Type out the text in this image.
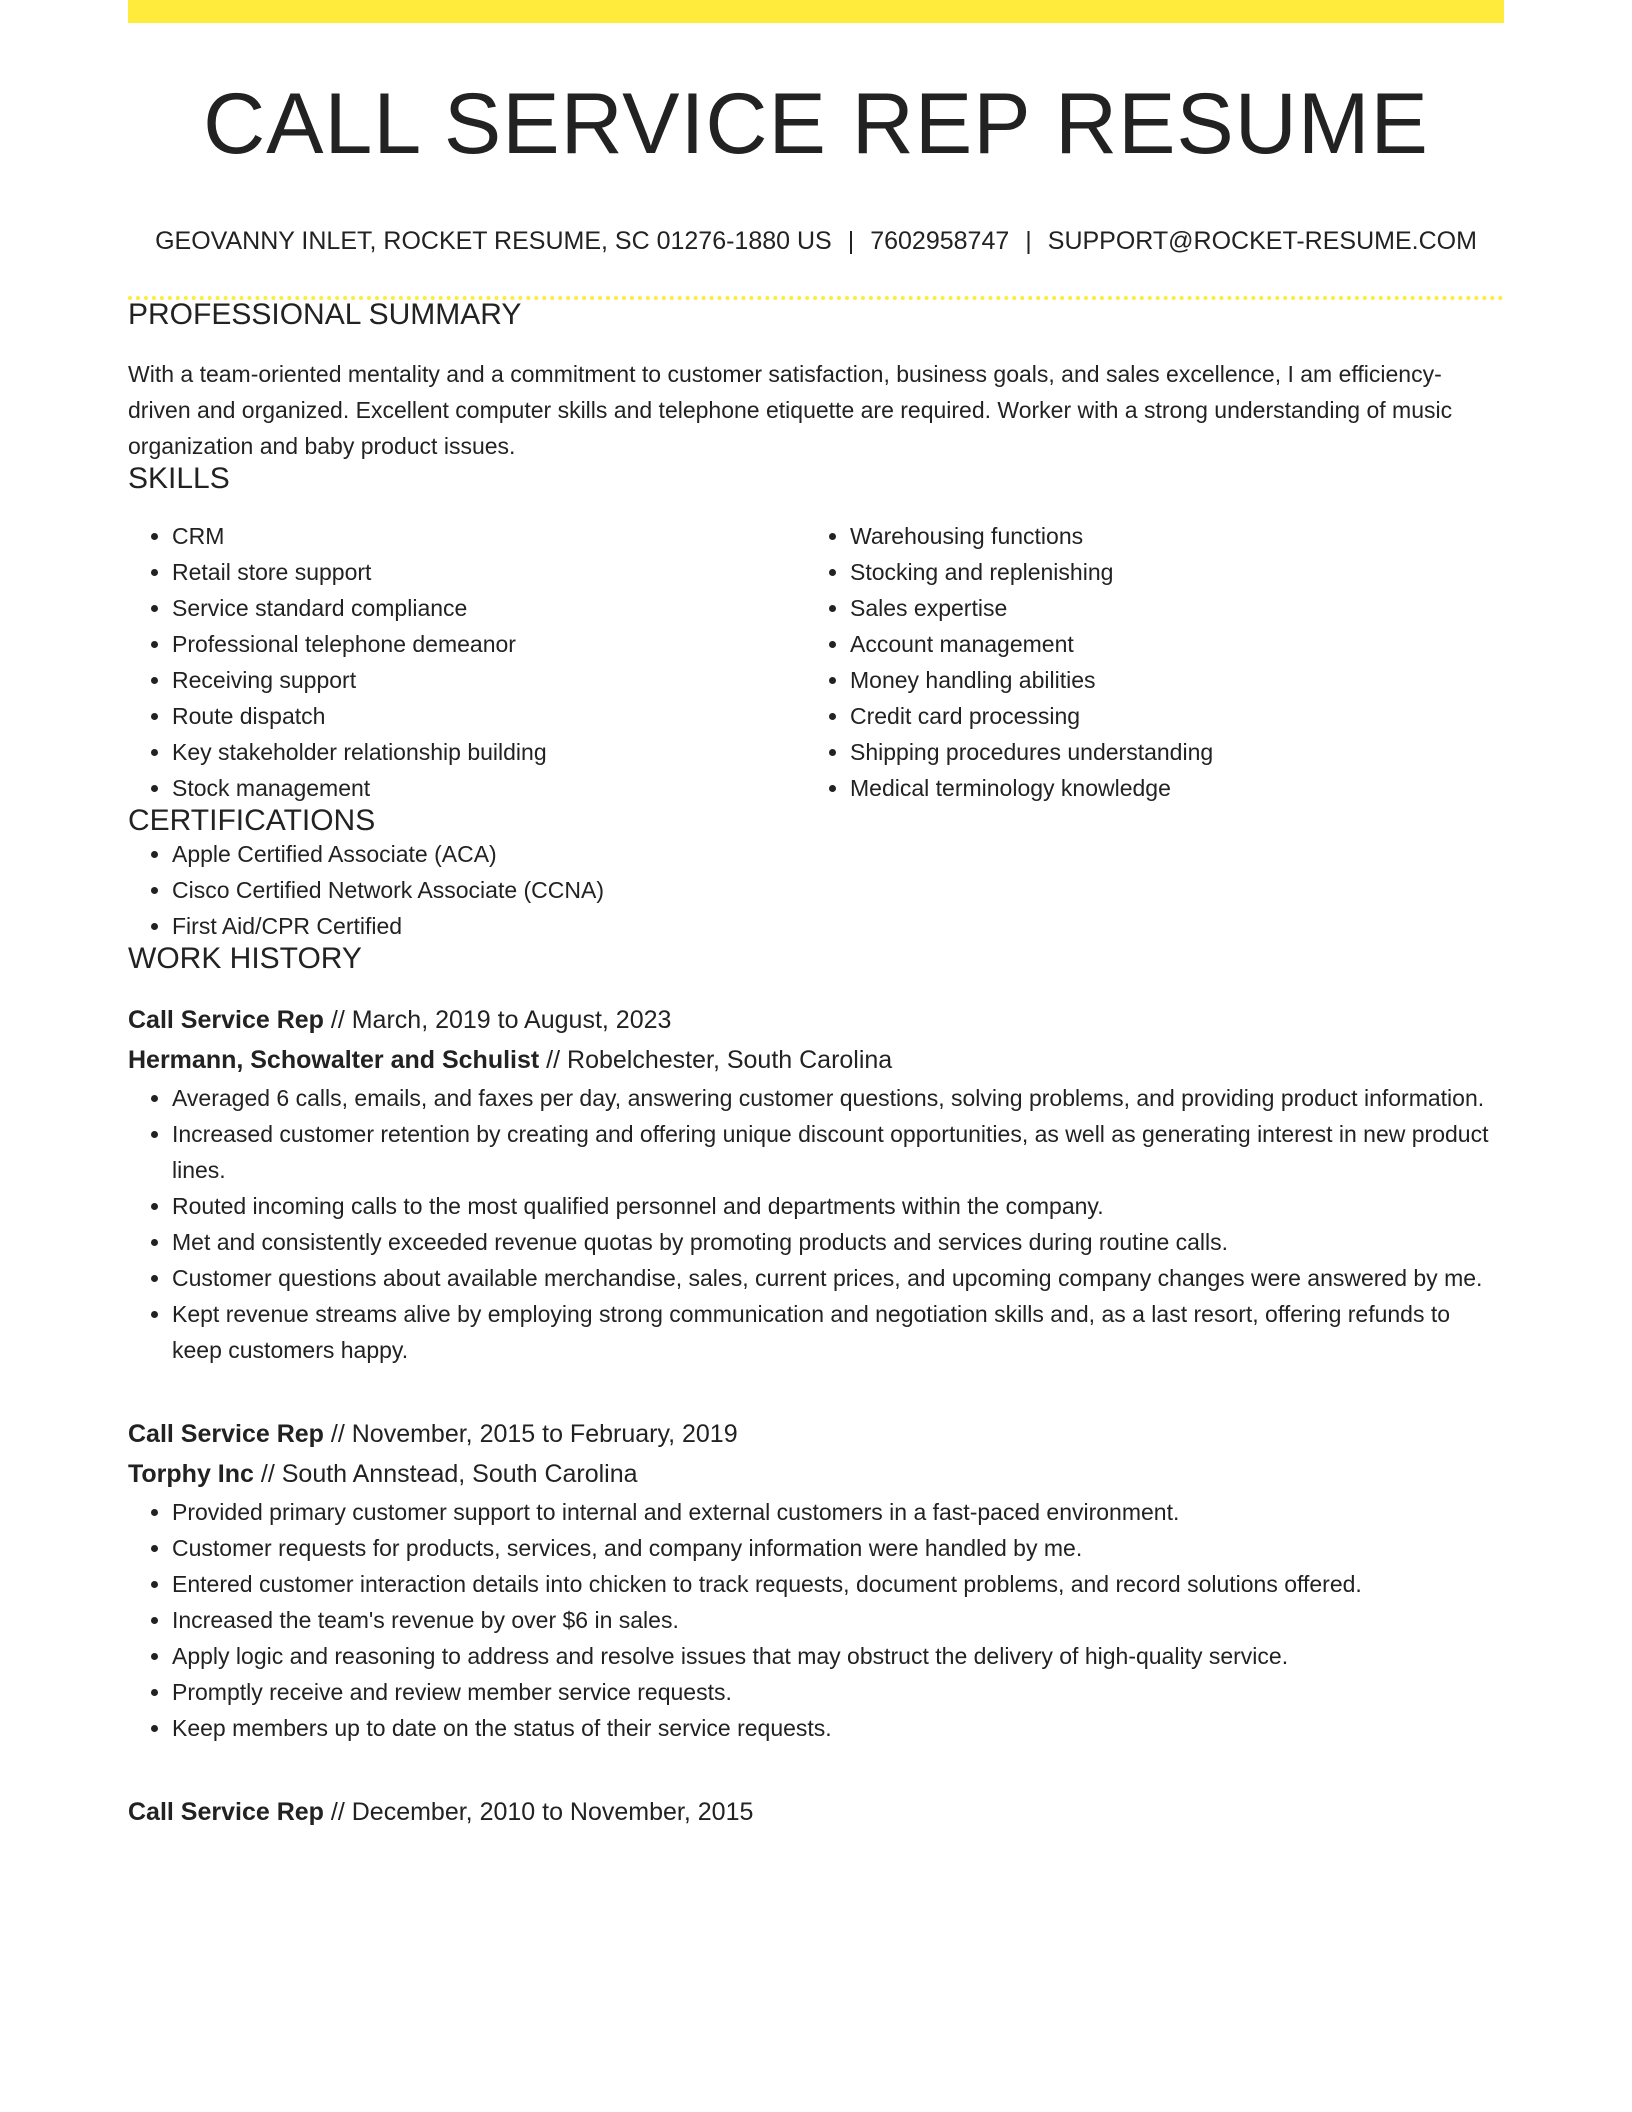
CALL SERVICE REP RESUME
GEOVANNY INLET, ROCKET RESUME, SC 01276-1880 US | 7602958747 | SUPPORT@ROCKET-RESUME.COM
PROFESSIONAL SUMMARY
With a team-oriented mentality and a commitment to customer satisfaction, business goals, and sales excellence, I am efficiency-driven and organized. Excellent computer skills and telephone etiquette are required. Worker with a strong understanding of music organization and baby product issues.
SKILLS
• CRM
• Retail store support
• Service standard compliance
• Professional telephone demeanor
• Receiving support
• Route dispatch
• Key stakeholder relationship building
• Stock management
• Warehousing functions
• Stocking and replenishing
• Sales expertise
• Account management
• Money handling abilities
• Credit card processing
• Shipping procedures understanding
• Medical terminology knowledge
CERTIFICATIONS
• Apple Certified Associate (ACA)
• Cisco Certified Network Associate (CCNA)
• First Aid/CPR Certified
WORK HISTORY
Call Service Rep // March, 2019 to August, 2023
Hermann, Schowalter and Schulist // Robelchester, South Carolina
• Averaged 6 calls, emails, and faxes per day, answering customer questions, solving problems, and providing product information.
• Increased customer retention by creating and offering unique discount opportunities, as well as generating interest in new product lines.
• Routed incoming calls to the most qualified personnel and departments within the company.
• Met and consistently exceeded revenue quotas by promoting products and services during routine calls.
• Customer questions about available merchandise, sales, current prices, and upcoming company changes were answered by me.
• Kept revenue streams alive by employing strong communication and negotiation skills and, as a last resort, offering refunds to keep customers happy.
Call Service Rep // November, 2015 to February, 2019
Torphy Inc // South Annstead, South Carolina
• Provided primary customer support to internal and external customers in a fast-paced environment.
• Customer requests for products, services, and company information were handled by me.
• Entered customer interaction details into chicken to track requests, document problems, and record solutions offered.
• Increased the team's revenue by over $6 in sales.
• Apply logic and reasoning to address and resolve issues that may obstruct the delivery of high-quality service.
• Promptly receive and review member service requests.
• Keep members up to date on the status of their service requests.
Call Service Rep // December, 2010 to November, 2015
